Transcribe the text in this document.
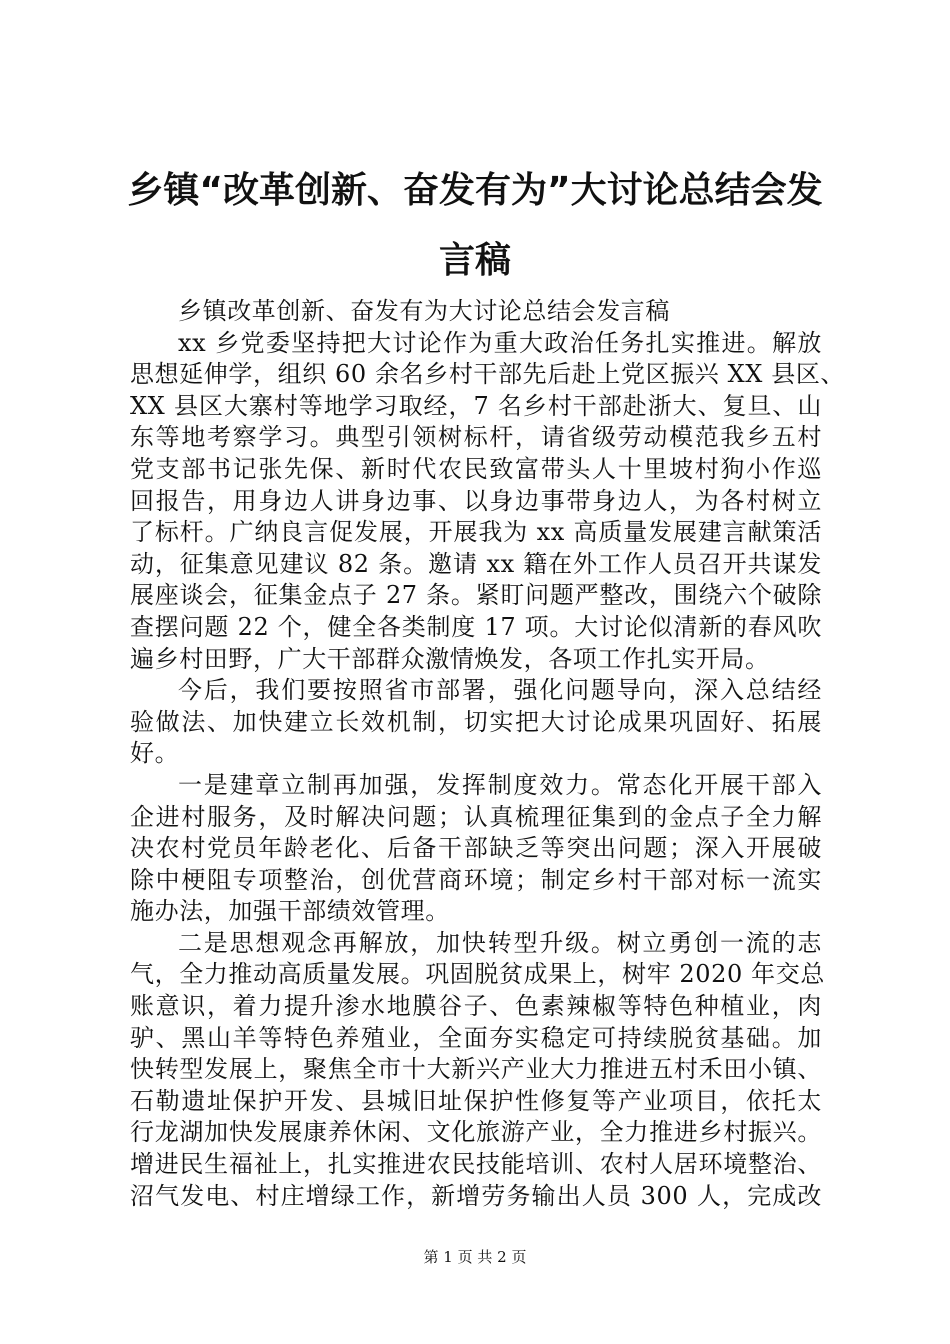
乡镇“改革创新、奋发有为”大讨论总结会发
言稿
乡镇改革创新、奋发有为大讨论总结会发言稿
xx 乡党委坚持把大讨论作为重大政治任务扎实推进。解放
思想延伸学，组织 60 余名乡村干部先后赴上党区振兴 XX 县区、
XX 县区大寨村等地学习取经，7 名乡村干部赴浙大、复旦、山
东等地考察学习。典型引领树标杆，请省级劳动模范我乡五村
党支部书记张先保、新时代农民致富带头人十里坡村狗小作巡
回报告，用身边人讲身边事、以身边事带身边人，为各村树立
了标杆。广纳良言促发展，开展我为 xx 高质量发展建言献策活
动，征集意见建议 82 条。邀请 xx 籍在外工作人员召开共谋发
展座谈会，征集金点子 27 条。紧盯问题严整改，围绕六个破除
查摆问题 22 个，健全各类制度 17 项。大讨论似清新的春风吹
遍乡村田野，广大干部群众激情焕发，各项工作扎实开局。
今后，我们要按照省市部署，强化问题导向，深入总结经
验做法、加快建立长效机制，切实把大讨论成果巩固好、拓展
好。
一是建章立制再加强，发挥制度效力。常态化开展干部入
企进村服务，及时解决问题；认真梳理征集到的金点子全力解
决农村党员年龄老化、后备干部缺乏等突出问题；深入开展破
除中梗阻专项整治，创优营商环境；制定乡村干部对标一流实
施办法，加强干部绩效管理。
二是思想观念再解放，加快转型升级。树立勇创一流的志
气，全力推动高质量发展。巩固脱贫成果上，树牢 2020 年交总
账意识，着力提升渗水地膜谷子、色素辣椒等特色种植业，肉
驴、黑山羊等特色养殖业，全面夯实稳定可持续脱贫基础。加
快转型发展上，聚焦全市十大新兴产业大力推进五村禾田小镇、
石勒遗址保护开发、县城旧址保护性修复等产业项目，依托太
行龙湖加快发展康养休闲、文化旅游产业，全力推进乡村振兴。
增进民生福祉上，扎实推进农民技能培训、农村人居环境整治、
沼气发电、村庄增绿工作，新增劳务输出人员 300 人，完成改
第 1 页 共 2 页
